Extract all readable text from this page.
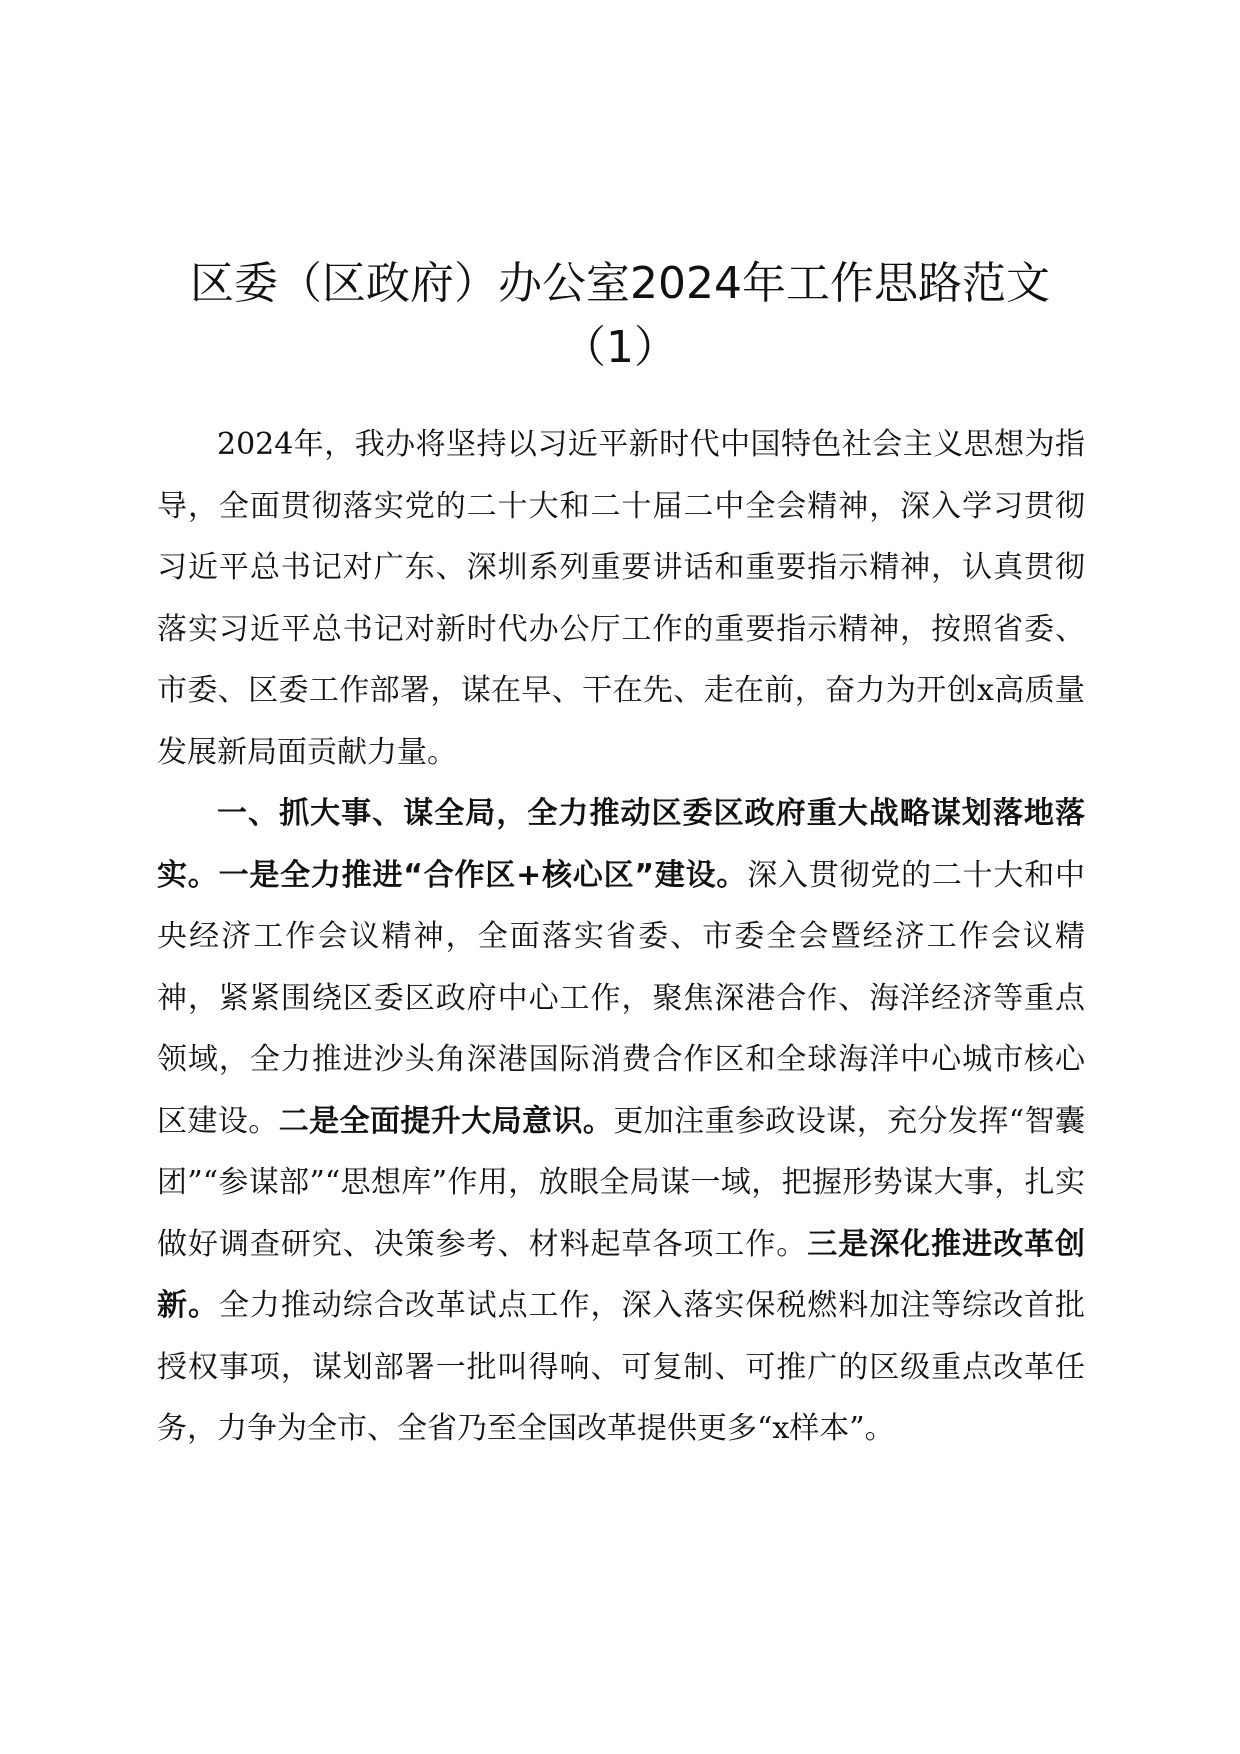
区委（区政府）办公室2024年工作思路范文（1）

2024年，我办将坚持以习近平新时代中国特色社会主义思想为指导，全面贯彻落实党的二十大和二十届二中全会精神，深入学习贯彻习近平总书记对广东、深圳系列重要讲话和重要指示精神，认真贯彻落实习近平总书记对新时代办公厅工作的重要指示精神，按照省委、市委、区委工作部署，谋在早、干在先、走在前，奋力为开创x高质量发展新局面贡献力量。

一、抓大事、谋全局，全力推动区委区政府重大战略谋划落地落实。一是全力推进“合作区+核心区”建设。深入贯彻党的二十大和中央经济工作会议精神，全面落实省委、市委全会暨经济工作会议精神，紧紧围绕区委区政府中心工作，聚焦深港合作、海洋经济等重点领域，全力推进沙头角深港国际消费合作区和全球海洋中心城市核心区建设。二是全面提升大局意识。更加注重参政设谋，充分发挥“智囊团”“参谋部”“思想库”作用，放眼全局谋一域，把握形势谋大事，扎实做好调查研究、决策参考、材料起草各项工作。三是深化推进改革创新。全力推动综合改革试点工作，深入落实保税燃料加注等综改首批授权事项，谋划部署一批叫得响、可复制、可推广的区级重点改革任务，力争为全市、全省乃至全国改革提供更多“x样本”。
